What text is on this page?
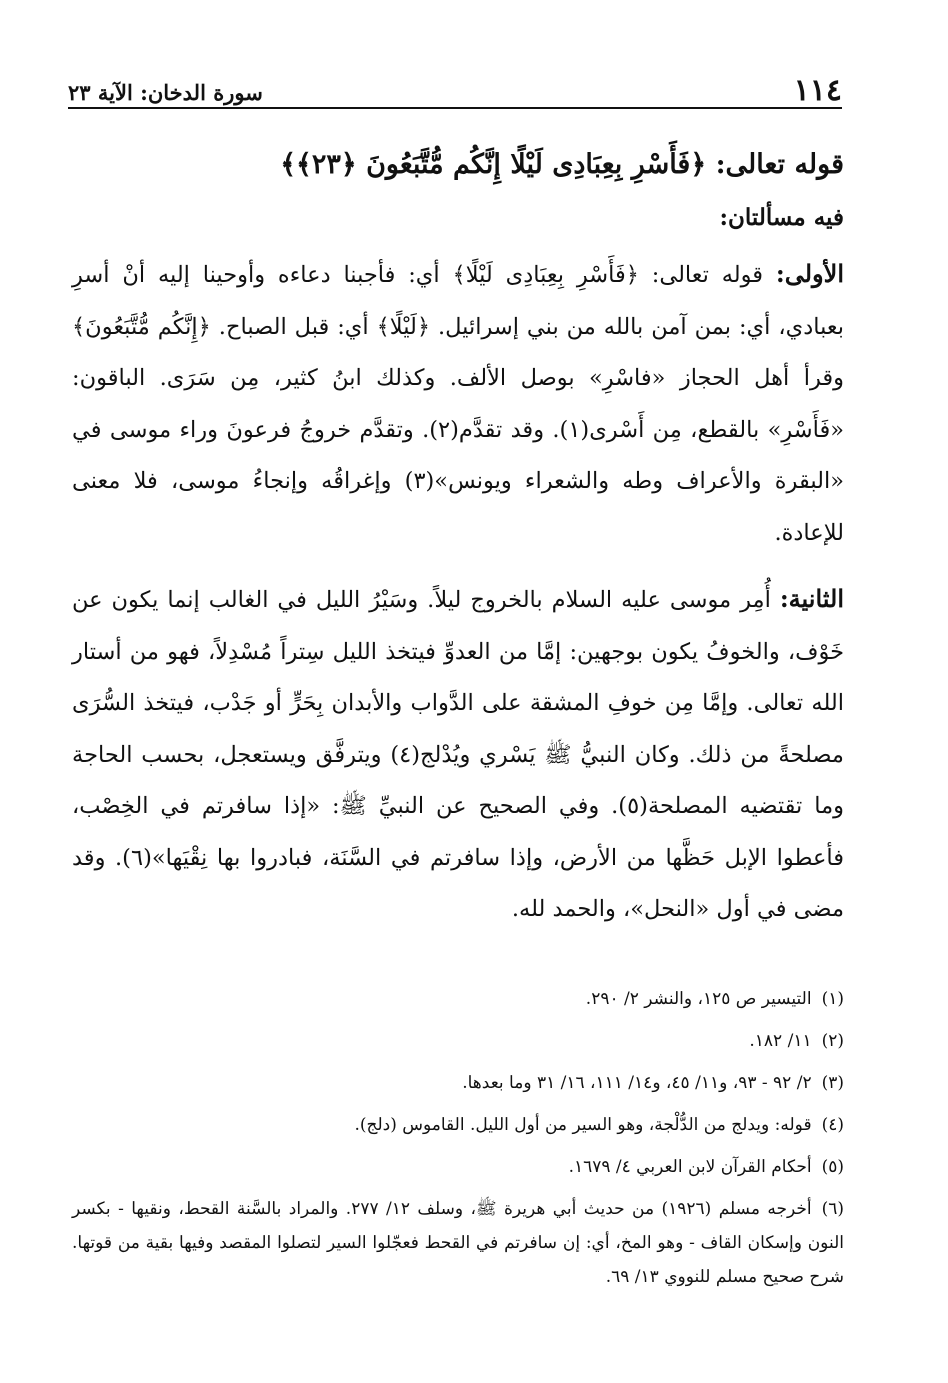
١١٤
سورة الدخان: الآية ٢٣
قوله تعالى: ﴿فَأَسْرِ بِعِبَادِى لَيْلًا إِنَّكُم مُّتَّبَعُونَ ﴿٢٣﴾﴾
فيه مسألتان:

الأولى: قوله تعالى: ﴿فَأَسْرِ بِعِبَادِى لَيْلًا﴾ أي: فأجبنا دعاءه وأوحينا إليه أنْ أسرِ بعبادي، أي: بمن آمن بالله من بني إسرائيل. ﴿لَيْلًا﴾ أي: قبل الصباح. ﴿إِنَّكُم مُّتَّبَعُونَ﴾ وقرأ أهل الحجاز «فاسْرِ» بوصل الألف. وكذلك ابنُ كثير، مِن سَرَى. الباقون: «فَأَسْرِ» بالقطع، مِن أَسْرى(١). وقد تقدَّم(٢). وتقدَّم خروجُ فرعونَ وراء موسى في «البقرة والأعراف وطه والشعراء ويونس»(٣) وإغراقُه وإنجاءُ موسى، فلا معنى للإعادة.

الثانية: أُمِر موسى عليه السلام بالخروج ليلاً. وسَيْرُ الليل في الغالب إنما يكون عن خَوْف، والخوفُ يكون بوجهين: إمَّا من العدوِّ فيتخذ الليل سِتراً مُسْدِلاً، فهو من أستار الله تعالى. وإمَّا مِن خوفِ المشقة على الدَّواب والأبدان بِحَرٍّ أو جَدْب، فيتخذ السُّرَى مصلحةً من ذلك. وكان النبيُّ ﷺ يَسْري ويُدْلج(٤) ويترفَّق ويستعجل، بحسب الحاجة وما تقتضيه المصلحة(٥). وفي الصحيح عن النبيِّ ﷺ: «إذا سافرتم في الخِصْب، فأعطوا الإبل حَظَّها من الأرض، وإذا سافرتم في السَّنَة، فبادروا بها نِقْيَها»(٦). وقد مضى في أول «النحل»، والحمد لله.

(١)التيسير ص ١٢٥، والنشر ٢/ ٢٩٠.

(٢)١١/ ١٨٢.

(٣)٢/ ٩٢ - ٩٣، و١١/ ٤٥، و١٤/ ١١١، ١٦/ ٣١ وما بعدها.

(٤)قوله: ويدلج من الدُّلْجة، وهو السير من أول الليل. القاموس (دلج).

(٥)أحكام القرآن لابن العربي ٤/ ١٦٧٩.

(٦)أخرجه مسلم (١٩٢٦) من حديث أبي هريرة ﷺ، وسلف ١٢/ ٢٧٧. والمراد بالسَّنة القحط، ونقيها - بكسر النون وإسكان القاف - وهو المخ، أي: إن سافرتم في القحط فعجّلوا السير لتصلوا المقصد وفيها بقية من قوتها. شرح صحيح مسلم للنووي ١٣/ ٦٩.
